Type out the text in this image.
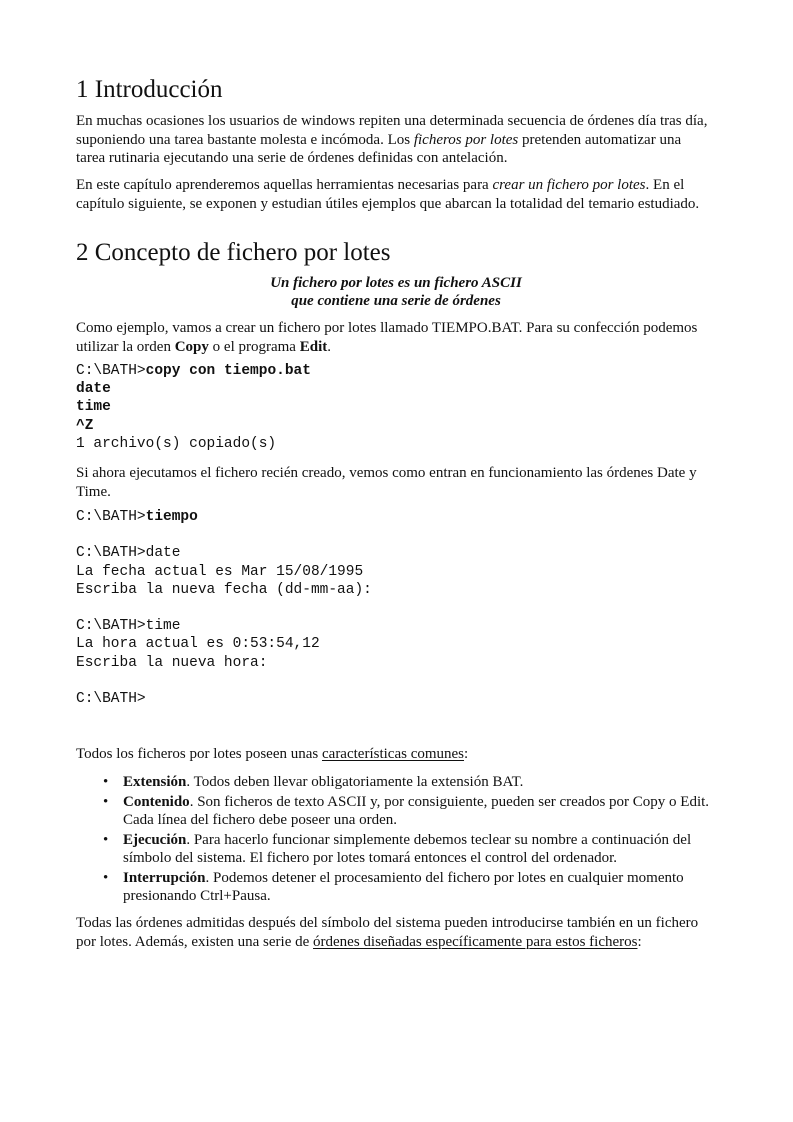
1 Introducción

En muchas ocasiones los usuarios de windows repiten una determinada secuencia de órdenes día tras día, suponiendo una tarea bastante molesta e incómoda. Los ficheros por lotes pretenden automatizar una tarea rutinaria ejecutando una serie de órdenes definidas con antelación.

En este capítulo aprenderemos aquellas herramientas necesarias para crear un fichero por lotes. En el capítulo siguiente, se exponen y estudian útiles ejemplos que abarcan la totalidad del temario estudiado.

2 Concepto de fichero por lotes

Un fichero por lotes es un fichero ASCII

que contiene una serie de órdenes

Como ejemplo, vamos a crear un fichero por lotes llamado TIEMPO.BAT. Para su confección podemos utilizar la orden Copy o el programa Edit.

C:\BATH>copy con tiempo.bat
date
time
^Z
1 archivo(s) copiado(s)

Si ahora ejecutamos el fichero recién creado, vemos como entran en funcionamiento las órdenes Date y Time.

C:\BATH>tiempo

C:\BATH>date
La fecha actual es Mar 15/08/1995
Escriba la nueva fecha (dd-mm-aa):

C:\BATH>time
La hora actual es 0:53:54,12
Escriba la nueva hora:

C:\BATH>

Todos los ficheros por lotes poseen unas características comunes:

• Extensión. Todos deben llevar obligatoriamente la extensión BAT.
• Contenido. Son ficheros de texto ASCII y, por consiguiente, pueden ser creados por Copy o Edit. Cada línea del fichero debe poseer una orden.
• Ejecución. Para hacerlo funcionar simplemente debemos teclear su nombre a continuación del símbolo del sistema. El fichero por lotes tomará entonces el control del ordenador.
• Interrupción. Podemos detener el procesamiento del fichero por lotes en cualquier momento presionando Ctrl+Pausa.

Todas las órdenes admitidas después del símbolo del sistema pueden introducirse también en un fichero por lotes. Además, existen una serie de órdenes diseñadas específicamente para estos ficheros:
